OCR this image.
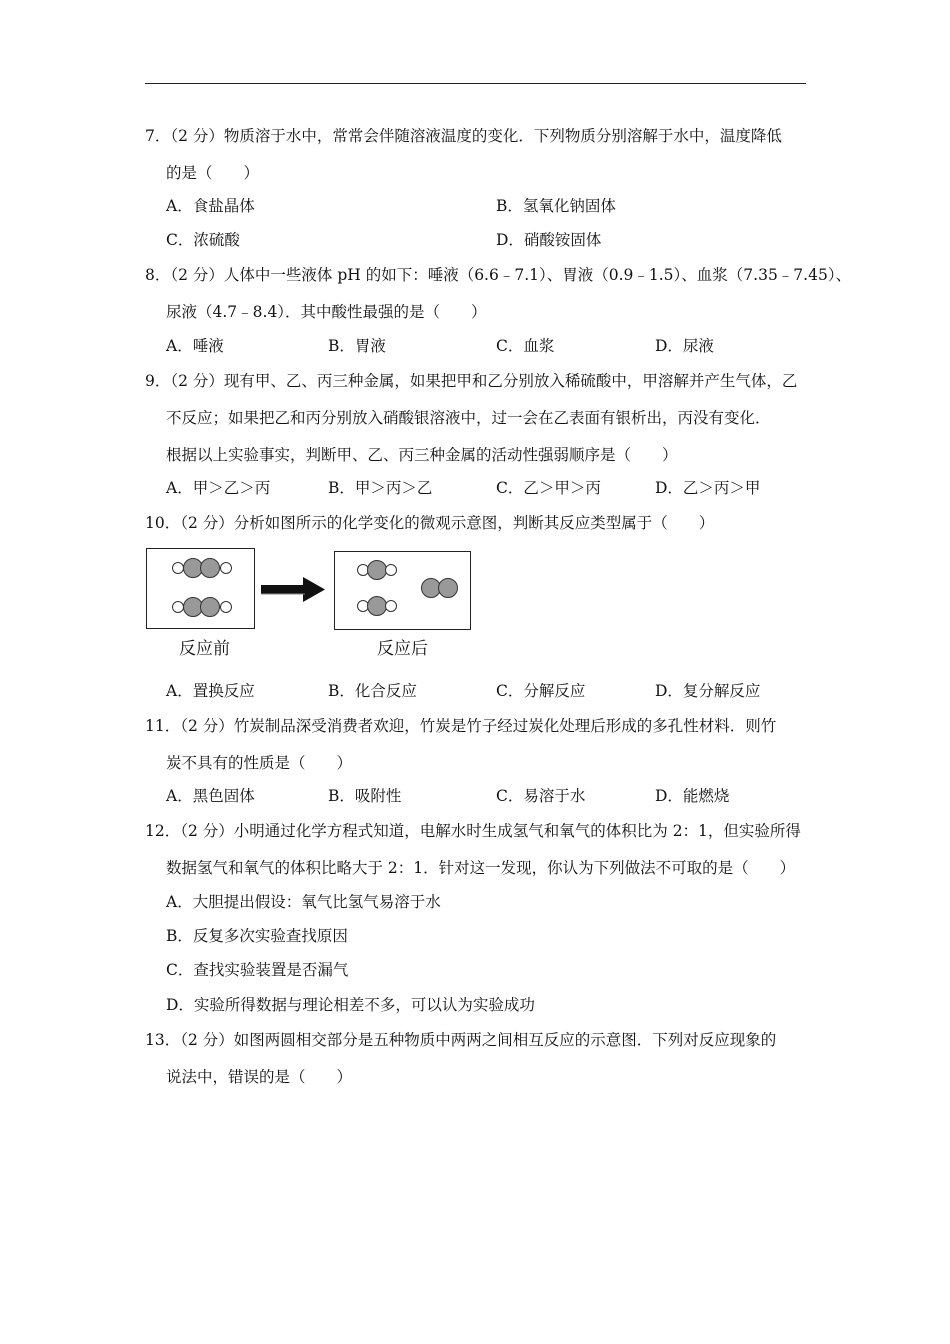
7．（2 分）物质溶于水中，常常会伴随溶液温度的变化．下列物质分别溶解于水中，温度降低
的是（　　）
A．食盐晶体	B．氢氧化钠固体
C．浓硫酸	D．硝酸铵固体
8．（2 分）人体中一些液体 pH 的如下：唾液（6.6﹣7.1）、胃液（0.9﹣1.5）、血浆（7.35﹣7.45）、
尿液（4.7﹣8.4）．其中酸性最强的是（　　）
A．唾液	B．胃液	C．血浆	D．尿液
9．（2 分）现有甲、乙、丙三种金属，如果把甲和乙分别放入稀硫酸中，甲溶解并产生气体，乙
不反应；如果把乙和丙分别放入硝酸银溶液中，过一会在乙表面有银析出，丙没有变化．
根据以上实验事实，判断甲、乙、丙三种金属的活动性强弱顺序是（　　）
A．甲＞乙＞丙	B．甲＞丙＞乙	C．乙＞甲＞丙	D．乙＞丙＞甲
10．（2 分）分析如图所示的化学变化的微观示意图，判断其反应类型属于（　　）
反应前	反应后
A．置换反应	B．化合反应	C．分解反应	D．复分解反应
11．（2 分）竹炭制品深受消费者欢迎，竹炭是竹子经过炭化处理后形成的多孔性材料．则竹
炭不具有的性质是（　　）
A．黑色固体	B．吸附性	C．易溶于水	D．能燃烧
12．（2 分）小明通过化学方程式知道，电解水时生成氢气和氧气的体积比为 2：1，但实验所得
数据氢气和氧气的体积比略大于 2：1．针对这一发现，你认为下列做法不可取的是（　　）
A．大胆提出假设：氧气比氢气易溶于水
B．反复多次实验查找原因
C．查找实验装置是否漏气
D．实验所得数据与理论相差不多，可以认为实验成功
13．（2 分）如图两圆相交部分是五种物质中两两之间相互反应的示意图．下列对反应现象的
说法中，错误的是（　　）
